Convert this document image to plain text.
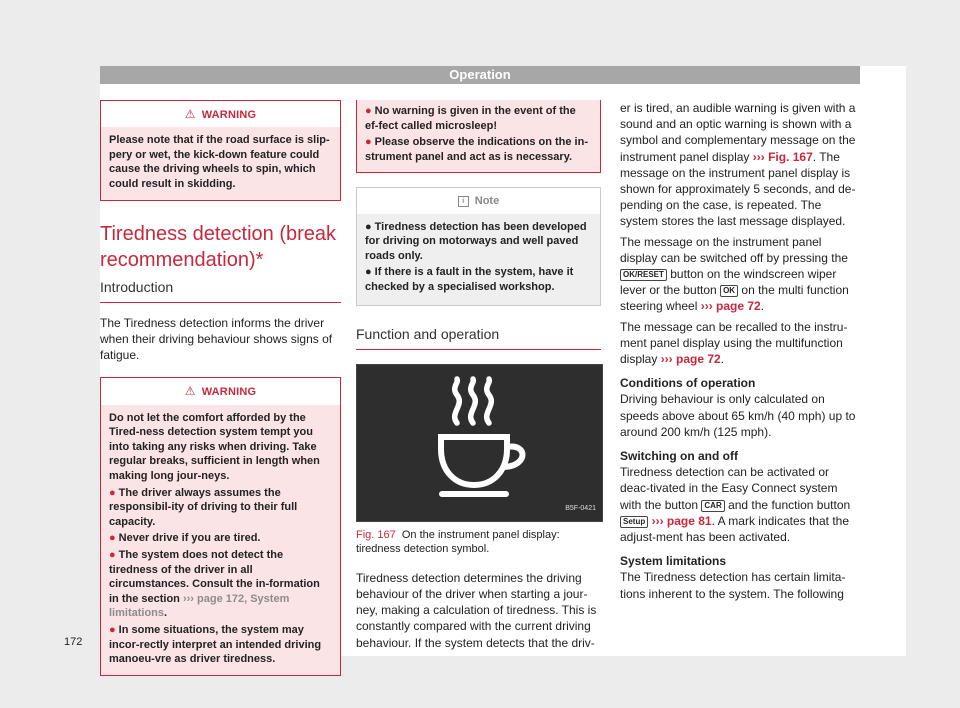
Operation
⚠ WARNING

Please note that if the road surface is slip-pery or wet, the kick-down feature could cause the driving wheels to spin, which could result in skidding.

Tiredness detection (break recommendation)*
Introduction

The Tiredness detection informs the driver when their driving behaviour shows signs of fatigue.

⚠ WARNING

Do not let the comfort afforded by the Tired-ness detection system tempt you into taking any risks when driving. Take regular breaks, sufficient in length when making long jour-neys.

● The driver always assumes the responsibil-ity of driving to their full capacity.

● Never drive if you are tired.

● The system does not detect the tiredness of the driver in all circumstances. Consult the in-formation in the section ››› page 172, System limitations.

● In some situations, the system may incor-rectly interpret an intended driving manoeu-vre as driver tiredness.

● No warning is given in the event of the ef-fect called microsleep!

● Please observe the indications on the in-strument panel and act as is necessary.

i Note

● Tiredness detection has been developed for driving on motorways and well paved roads only.

● If there is a fault in the system, have it checked by a specialised workshop.

Function and operation
B5F-0421
Fig. 167 On the instrument panel display: tiredness detection symbol.

Tiredness detection determines the driving behaviour of the driver when starting a jour-ney, making a calculation of tiredness. This is constantly compared with the current driving behaviour. If the system detects that the driv-

er is tired, an audible warning is given with a sound and an optic warning is shown with a symbol and complementary message on the instrument panel display ››› Fig. 167. The message on the instrument panel display is shown for approximately 5 seconds, and de-pending on the case, is repeated. The system stores the last message displayed.

The message on the instrument panel display can be switched off by pressing the OK/RESET button on the windscreen wiper lever or the button OK on the multi function steering wheel ››› page 72.

The message can be recalled to the instru-ment panel display using the multifunction display ››› page 72.

Conditions of operation

Driving behaviour is only calculated on speeds above about 65 km/h (40 mph) up to around 200 km/h (125 mph).

Switching on and off

Tiredness detection can be activated or deac-tivated in the Easy Connect system with the button CAR and the function button Setup ››› page 81. A mark indicates that the adjust-ment has been activated.

System limitations

The Tiredness detection has certain limita-tions inherent to the system. The following

172
